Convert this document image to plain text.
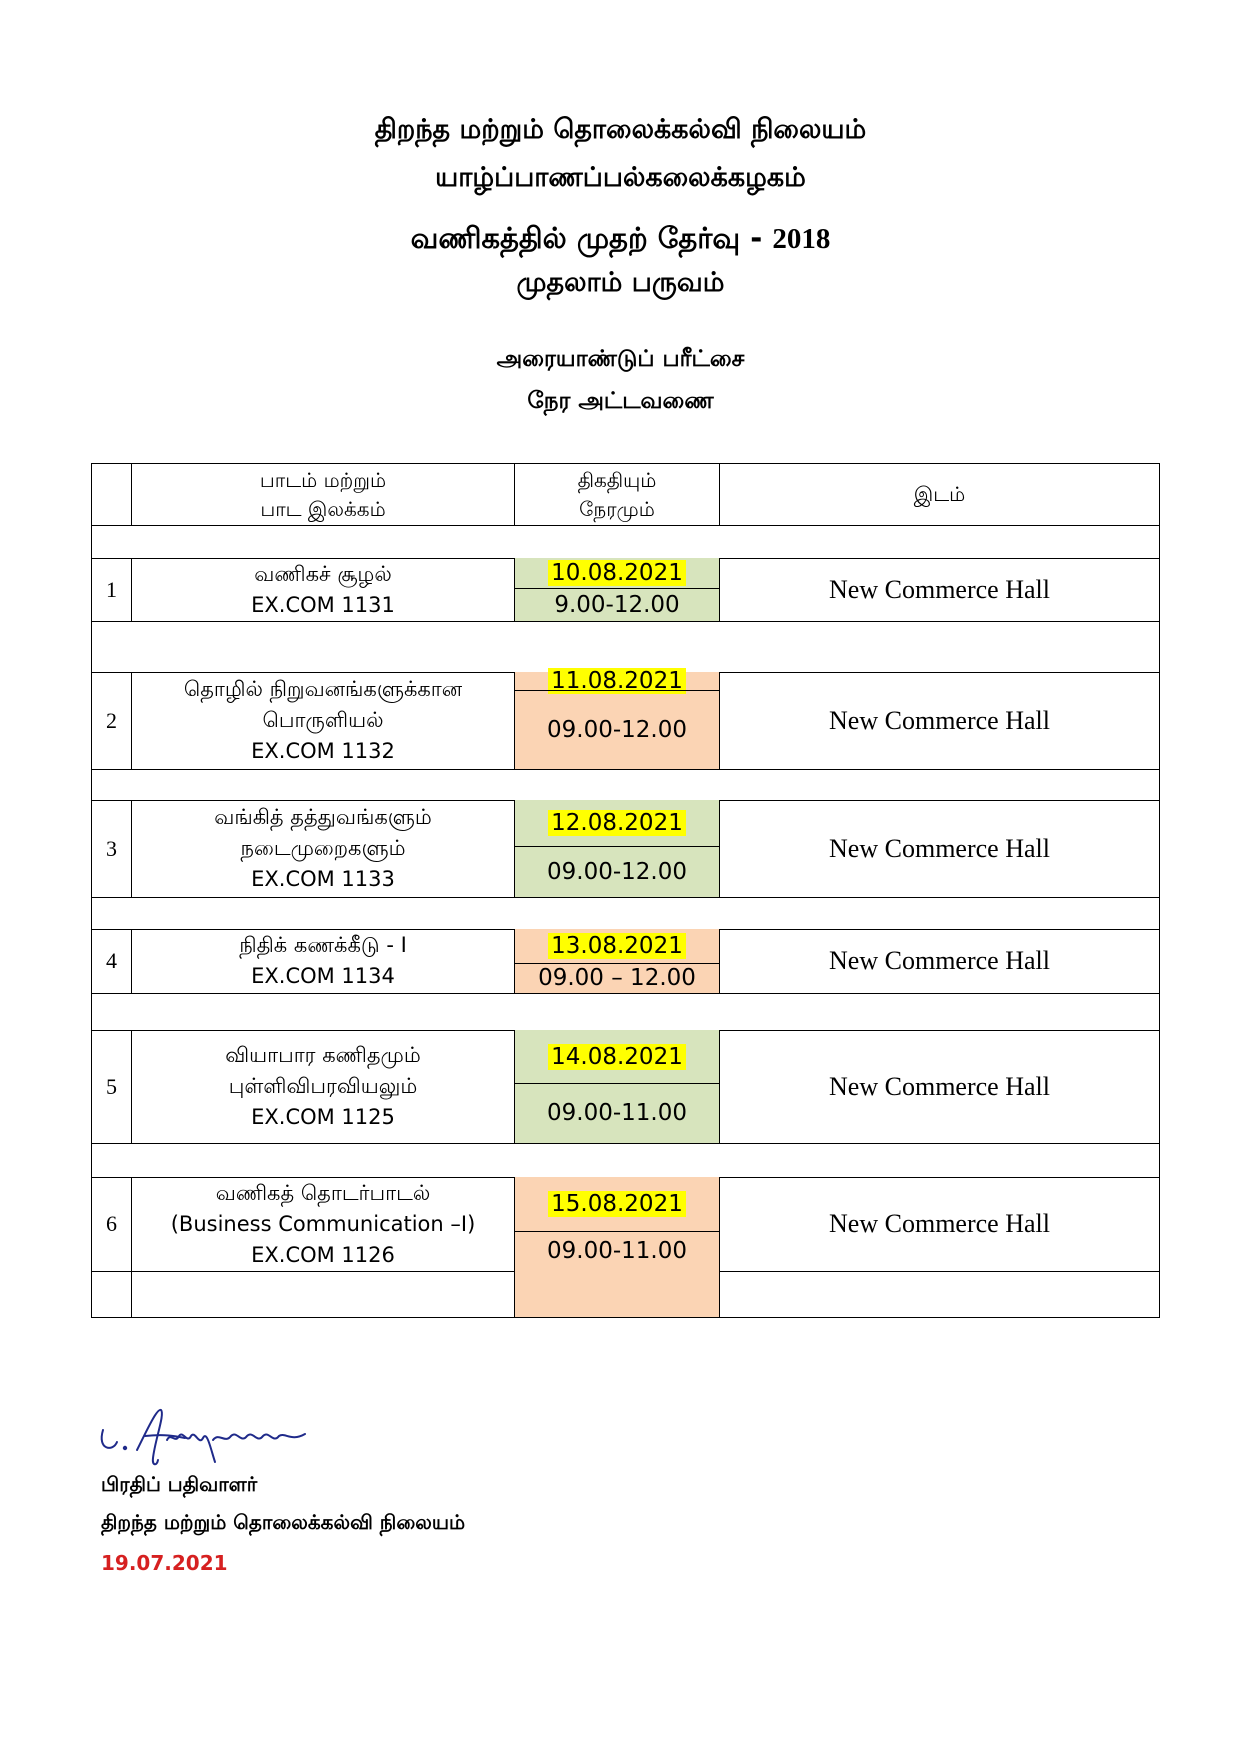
திறந்த மற்றும் தொலைக்கல்வி நிலையம்
யாழ்ப்பாணப்பல்கலைக்கழகம்
வணிகத்தில் முதற் தேர்வு - 2018
முதலாம் பருவம்
அரையாண்டுப் பரீட்சை
நேர அட்டவணை
பாடம் மற்றும்
பாட இலக்கம்
திகதியும்
நேரமும்
இடம்
1
வணிகச் சூழல்
EX.COM 1131
10.08.2021
9.00-12.00
New Commerce Hall
2
தொழில் நிறுவனங்களுக்கான
பொருளியல்
EX.COM 1132
11.08.2021
09.00-12.00	New Commerce Hall
3
வங்கித் தத்துவங்களும்
நடைமுறைகளும்
EX.COM 1133
12.08.2021
09.00-12.00
New Commerce Hall
4
நிதிக் கணக்கீடு - I
EX.COM 1134
13.08.2021
09.00 – 12.00
New Commerce Hall
5
வியாபார கணிதமும்
புள்ளிவிபரவியலும்
EX.COM 1125
14.08.2021
09.00-11.00
New Commerce Hall
6
வணிகத் தொடர்பாடல்
(Business Communication –I)
EX.COM 1126
15.08.2021
09.00-11.00
New Commerce Hall
பிரதிப் பதிவாளர்
திறந்த மற்றும் தொலைக்கல்வி நிலையம்
19.07.2021
